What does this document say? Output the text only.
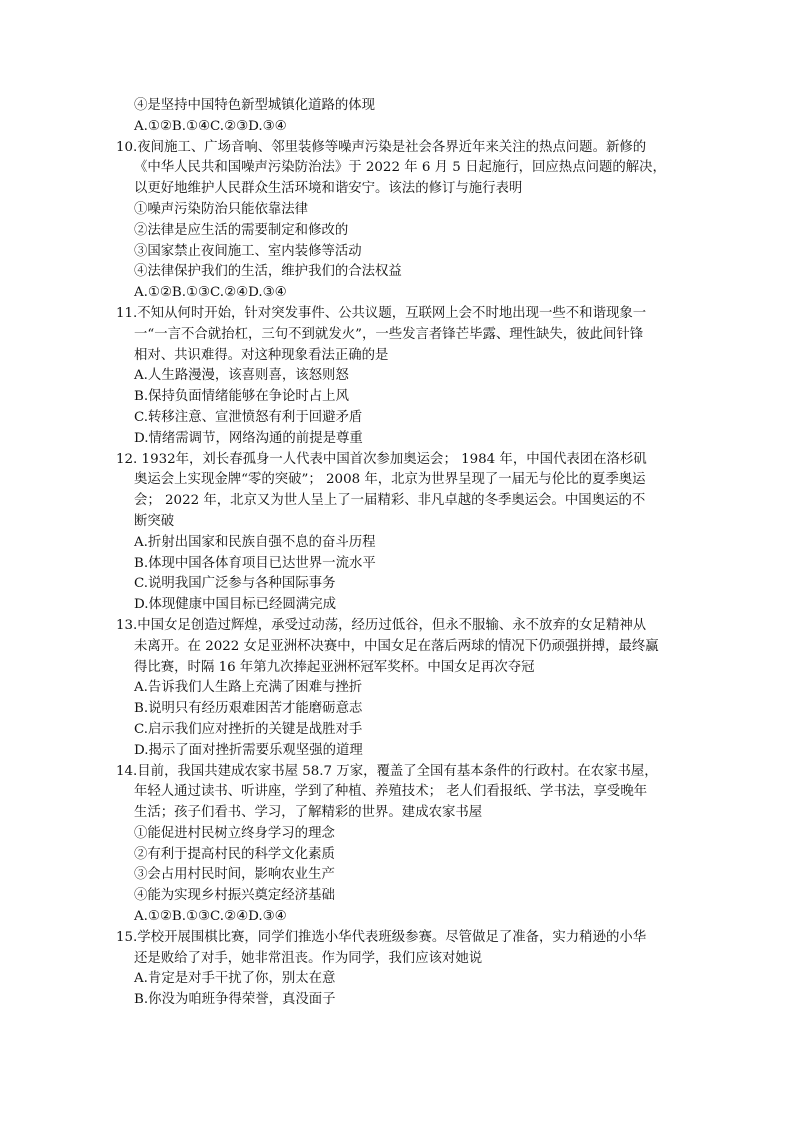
④是坚持中国特色新型城镇化道路的体现
A.①②B.①④C.②③D.③④
10.夜间施工、广场音响、邻里装修等噪声污染是社会各界近年来关注的热点问题。新修的
《中华人民共和国噪声污染防治法》于 2022 年 6 月 5 日起施行，回应热点问题的解决，
以更好地维护人民群众生活环境和谐安宁。该法的修订与施行表明
①噪声污染防治只能依靠法律
②法律是应生活的需要制定和修改的
③国家禁止夜间施工、室内装修等活动
④法律保护我们的生活，维护我们的合法权益
A.①②B.①③C.②④D.③④
11.不知从何时开始，针对突发事件、公共议题，互联网上会不时地出现一些不和谐现象一
一“一言不合就抬杠，三句不到就发火”，一些发言者锋芒毕露、理性缺失，彼此间针锋
相对、共识难得。对这种现象看法正确的是
A.人生路漫漫，该喜则喜，该怒则怒
B.保持负面情绪能够在争论时占上风
C.转移注意、宣泄愤怒有利于回避矛盾
D.情绪需调节，网络沟通的前提是尊重
12. 1932年，刘长春孤身一人代表中国首次参加奥运会； 1984 年，中国代表团在洛杉矶
奥运会上实现金牌“零的突破”； 2008 年，北京为世界呈现了一届无与伦比的夏季奥运
会； 2022 年，北京又为世人呈上了一届精彩、非凡卓越的冬季奥运会。中国奥运的不
断突破
A.折射出国家和民族自强不息的奋斗历程
B.体现中国各体育项目已达世界一流水平
C.说明我国广泛参与各种国际事务
D.体现健康中国目标已经圆满完成
13.中国女足创造过辉煌，承受过动荡，经历过低谷，但永不服输、永不放弃的女足精神从
未离开。在 2022 女足亚洲杯决赛中，中国女足在落后两球的情况下仍顽强拼搏，最终赢
得比赛，时隔 16 年第九次捧起亚洲杯冠军奖杯。中国女足再次夺冠
A.告诉我们人生路上充满了困难与挫折
B.说明只有经历艰难困苦才能磨砺意志
C.启示我们应对挫折的关键是战胜对手
D.揭示了面对挫折需要乐观坚强的道理
14.目前，我国共建成农家书屋 58.7 万家，覆盖了全国有基本条件的行政村。在农家书屋，
年轻人通过读书、听讲座，学到了种植、养殖技术； 老人们看报纸、学书法，享受晚年
生活；孩子们看书、学习，了解精彩的世界。建成农家书屋
①能促进村民树立终身学习的理念
②有利于提高村民的科学文化素质
③会占用村民时间，影响农业生产
④能为实现乡村振兴奠定经济基础
A.①②B.①③C.②④D.③④
15.学校开展围棋比赛，同学们推选小华代表班级参赛。尽管做足了准备，实力稍逊的小华
还是败给了对手，她非常沮丧。作为同学，我们应该对她说
A.肯定是对手干扰了你，别太在意
B.你没为咱班争得荣誉，真没面子
